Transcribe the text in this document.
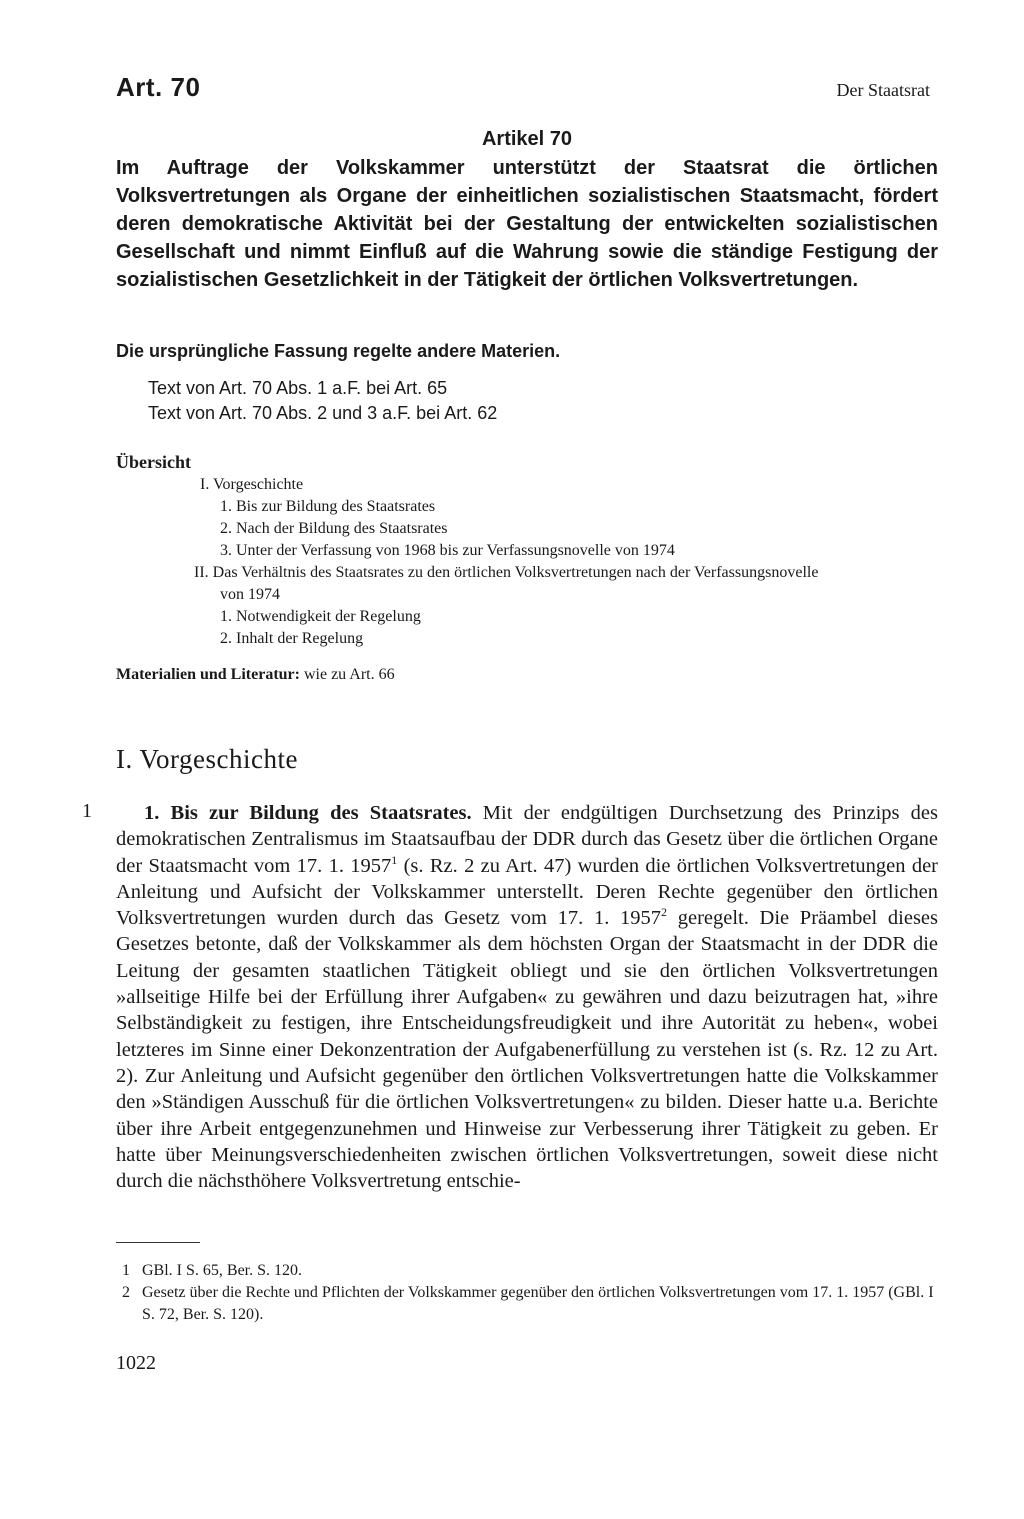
Art. 70	Der Staatsrat
Artikel 70
Im Auftrage der Volkskammer unterstützt der Staatsrat die örtlichen Volksvertretungen als Organe der einheitlichen sozialistischen Staatsmacht, fördert deren demokratische Aktivität bei der Gestaltung der entwickelten sozialistischen Gesellschaft und nimmt Einfluß auf die Wahrung sowie die ständige Festigung der sozialistischen Gesetzlichkeit in der Tätigkeit der örtlichen Volksvertretungen.
Die ursprüngliche Fassung regelte andere Materien.
Text von Art. 70 Abs. 1 a.F. bei Art. 65
Text von Art. 70 Abs. 2 und 3 a.F. bei Art. 62
Übersicht
I. Vorgeschichte
1. Bis zur Bildung des Staatsrates
2. Nach der Bildung des Staatsrates
3. Unter der Verfassung von 1968 bis zur Verfassungsnovelle von 1974
II. Das Verhältnis des Staatsrates zu den örtlichen Volksvertretungen nach der Verfassungsnovelle
von 1974
1. Notwendigkeit der Regelung
2. Inhalt der Regelung
Materialien und Literatur: wie zu Art. 66
I. Vorgeschichte
1	1. Bis zur Bildung des Staatsrates. Mit der endgültigen Durchsetzung des Prinzips des demokratischen Zentralismus im Staatsaufbau der DDR durch das Gesetz über die örtlichen Organe der Staatsmacht vom 17. 1. 1957$^1$ (s. Rz. 2 zu Art. 47) wurden die örtlichen Volksvertretungen der Anleitung und Aufsicht der Volkskammer unterstellt. Deren Rechte gegenüber den örtlichen Volksvertretungen wurden durch das Gesetz vom 17. 1. 1957$^2$ geregelt. Die Präambel dieses Gesetzes betonte, daß der Volkskammer als dem höchsten Organ der Staatsmacht in der DDR die Leitung der gesamten staatlichen Tätigkeit obliegt und sie den örtlichen Volksvertretungen »allseitige Hilfe bei der Erfüllung ihrer Aufgaben« zu gewähren und dazu beizutragen hat, »ihre Selbständigkeit zu festigen, ihre Entscheidungsfreudigkeit und ihre Autorität zu heben«, wobei letzteres im Sinne einer Dekonzentration der Aufgabenerfüllung zu verstehen ist (s. Rz. 12 zu Art. 2). Zur Anleitung und Aufsicht gegenüber den örtlichen Volksvertretungen hatte die Volkskammer den »Ständigen Ausschuß für die örtlichen Volksvertretungen« zu bilden. Dieser hatte u.a. Berichte über ihre Arbeit entgegenzunehmen und Hinweise zur Verbesserung ihrer Tätigkeit zu geben. Er hatte über Meinungsverschiedenheiten zwischen örtlichen Volksvertretungen, soweit diese nicht durch die nächsthöhere Volksvertretung entschie-
1 GBl. I S. 65, Ber. S. 120.
2 Gesetz über die Rechte und Pflichten der Volkskammer gegenüber den örtlichen Volksvertretungen vom 17. 1. 1957 (GBl. I S. 72, Ber. S. 120).
1022
